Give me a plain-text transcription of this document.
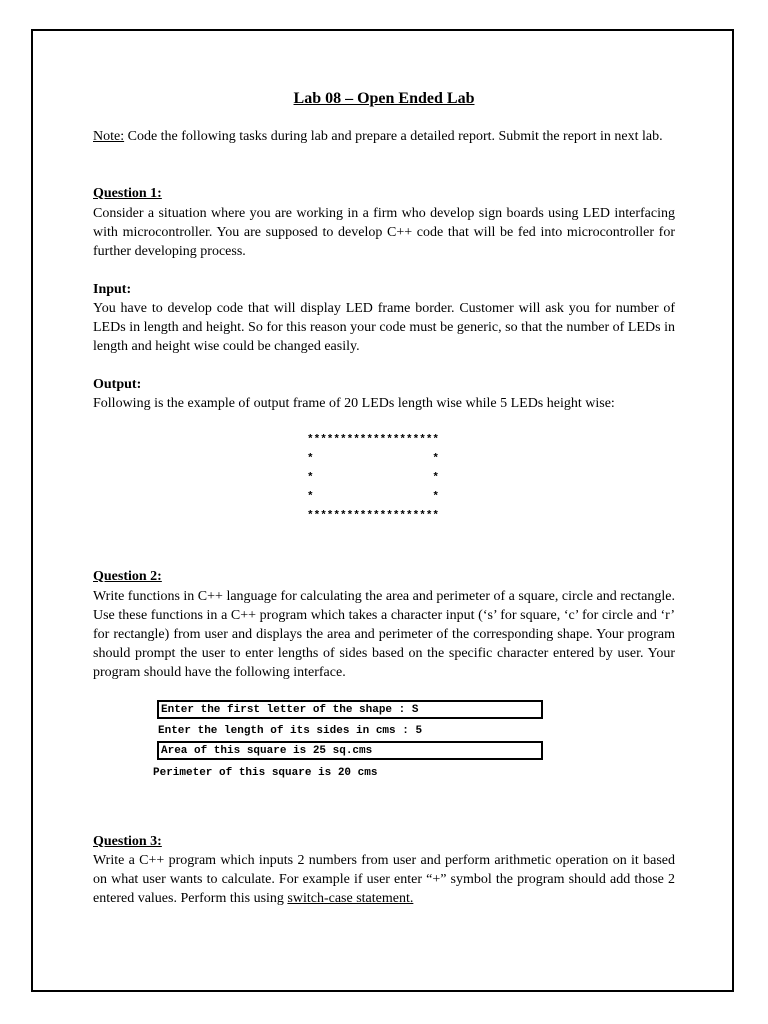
Lab 08 – Open Ended Lab
Note: Code the following tasks during lab and prepare a detailed report. Submit the report in next lab.
Question 1:
Consider a situation where you are working in a firm who develop sign boards using LED interfacing with microcontroller. You are supposed to develop C++ code that will be fed into microcontroller for further developing process.
Input:
You have to develop code that will display LED frame border. Customer will ask you for number of LEDs in length and height. So for this reason your code must be generic, so that the number of LEDs in length and height wise could be changed easily.
Output:
Following is the example of output frame of 20 LEDs length wise while 5 LEDs height wise:
********************
*                  *
*                  *
*                  *
********************
Question 2:
Write functions in C++ language for calculating the area and perimeter of a square, circle and rectangle. Use these functions in a C++ program which takes a character input (‘s’ for square, ‘c’ for circle and ‘r’ for rectangle) from user and displays the area and perimeter of the corresponding shape. Your program should prompt the user to enter lengths of sides based on the specific character entered by user. Your program should have the following interface.
Enter the first letter of the shape : S
Enter the length of its sides in cms : 5
Area of this square is 25 sq.cms
Perimeter of this square is 20 cms
Question 3:
Write a C++ program which inputs 2 numbers from user and perform arithmetic operation on it based on what user wants to calculate. For example if user enter “+” symbol the program should add those 2 entered values. Perform this using switch-case statement.
